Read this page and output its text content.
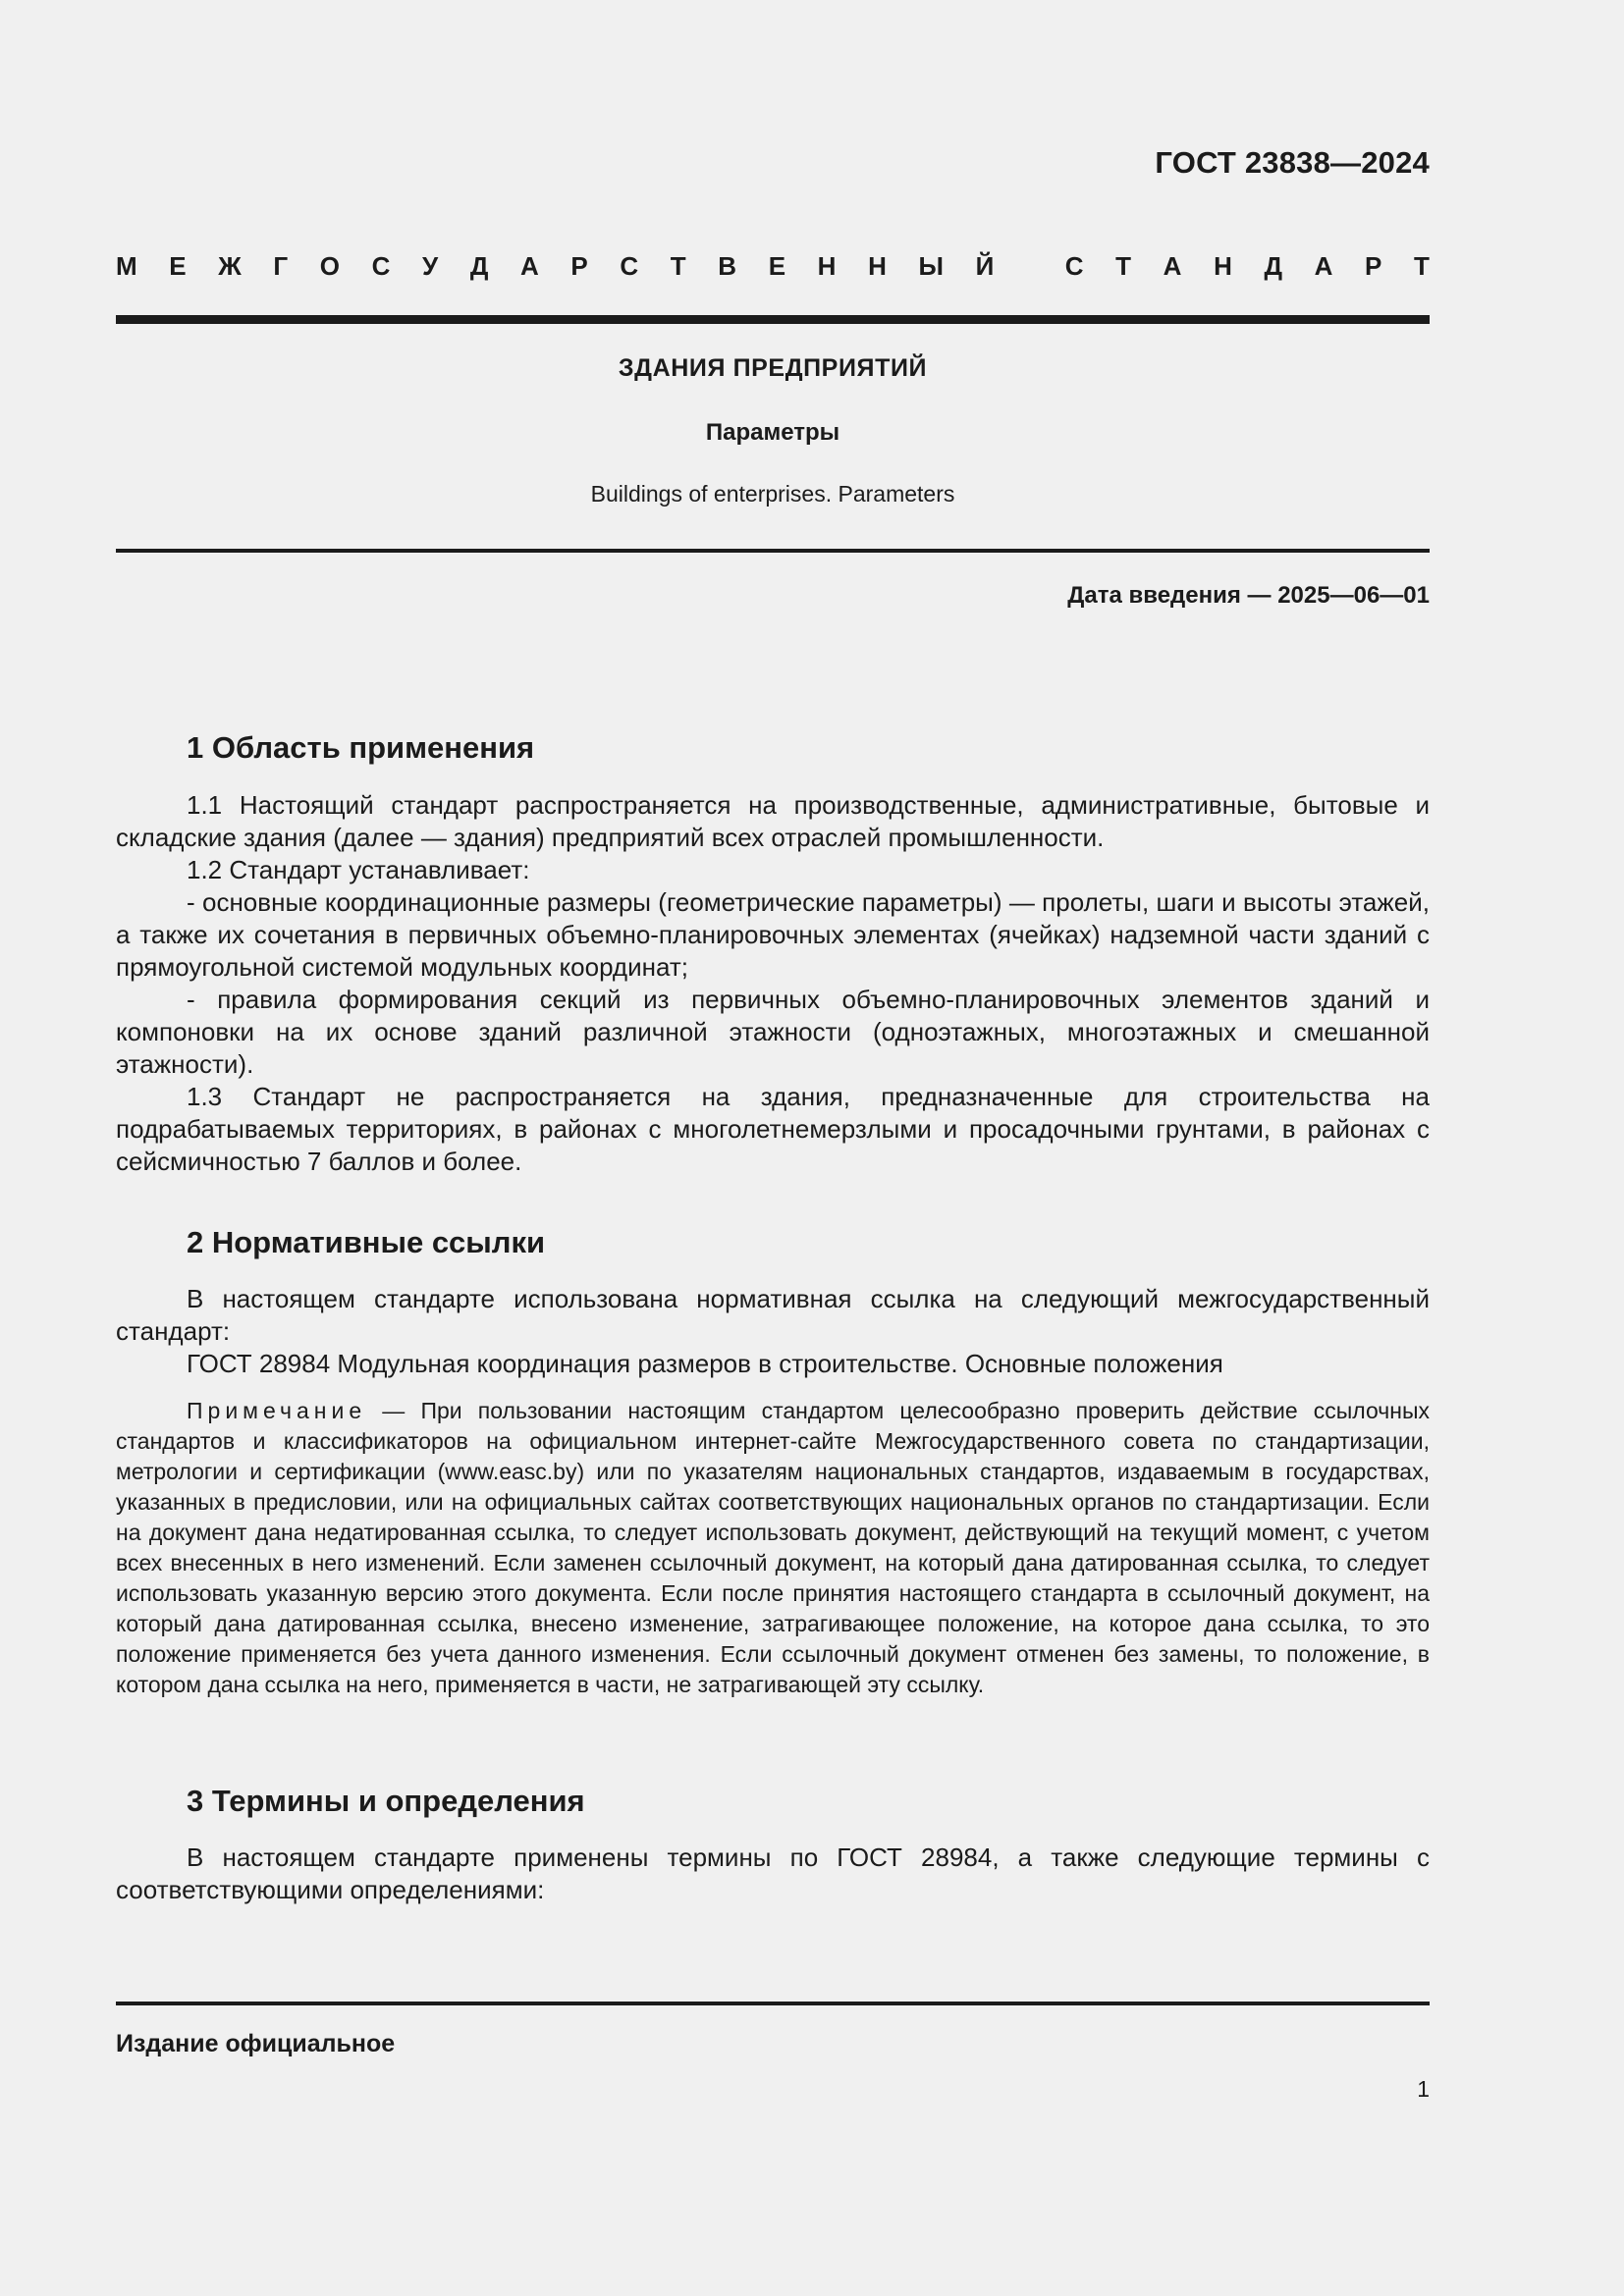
ГОСТ 23838—2024
М Е Ж Г О С У Д А Р С Т В Е Н Н Ы Й
	С Т А Н Д А Р Т
ЗДАНИЯ ПРЕДПРИЯТИЙ
Параметры
Buildings of enterprises. Parameters
Дата введения — 2025—06—01
1 Область применения

1.1 Настоящий стандарт распространяется на производственные, административные, бытовые и складские здания (далее — здания) предприятий всех отраслей промышленности.

1.2 Стандарт устанавливает:

- основные координационные размеры (геометрические параметры) — пролеты, шаги и высоты этажей, а также их сочетания в первичных объемно-планировочных элементах (ячейках) надземной части зданий с прямоугольной системой модульных координат;

- правила формирования секций из первичных объемно-планировочных элементов зданий и компоновки на их основе зданий различной этажности (одноэтажных, многоэтажных и смешанной этажности).

1.3 Стандарт не распространяется на здания, предназначенные для строительства на подрабатываемых территориях, в районах с многолетнемерзлыми и просадочными грунтами, в районах с сейсмичностью 7 баллов и более.

2 Нормативные ссылки

В настоящем стандарте использована нормативная ссылка на следующий межгосударственный стандарт:

ГОСТ 28984 Модульная координация размеров в строительстве. Основные положения

Примечание — При пользовании настоящим стандартом целесообразно проверить действие ссылочных стандартов и классификаторов на официальном интернет-сайте Межгосударственного совета по стандартизации, метрологии и сертификации (www.easc.by) или по указателям национальных стандартов, издаваемым в государствах, указанных в предисловии, или на официальных сайтах соответствующих национальных органов по стандартизации. Если на документ дана недатированная ссылка, то следует использовать документ, действующий на текущий момент, с учетом всех внесенных в него изменений. Если заменен ссылочный документ, на который дана датированная ссылка, то следует использовать указанную версию этого документа. Если после принятия настоящего стандарта в ссылочный документ, на который дана датированная ссылка, внесено изменение, затрагивающее положение, на которое дана ссылка, то это положение применяется без учета данного изменения. Если ссылочный документ отменен без замены, то положение, в котором дана ссылка на него, применяется в части, не затрагивающей эту ссылку.

3 Термины и определения

В настоящем стандарте применены термины по ГОСТ 28984, а также следующие термины с соответствующими определениями:

Издание официальное
1
